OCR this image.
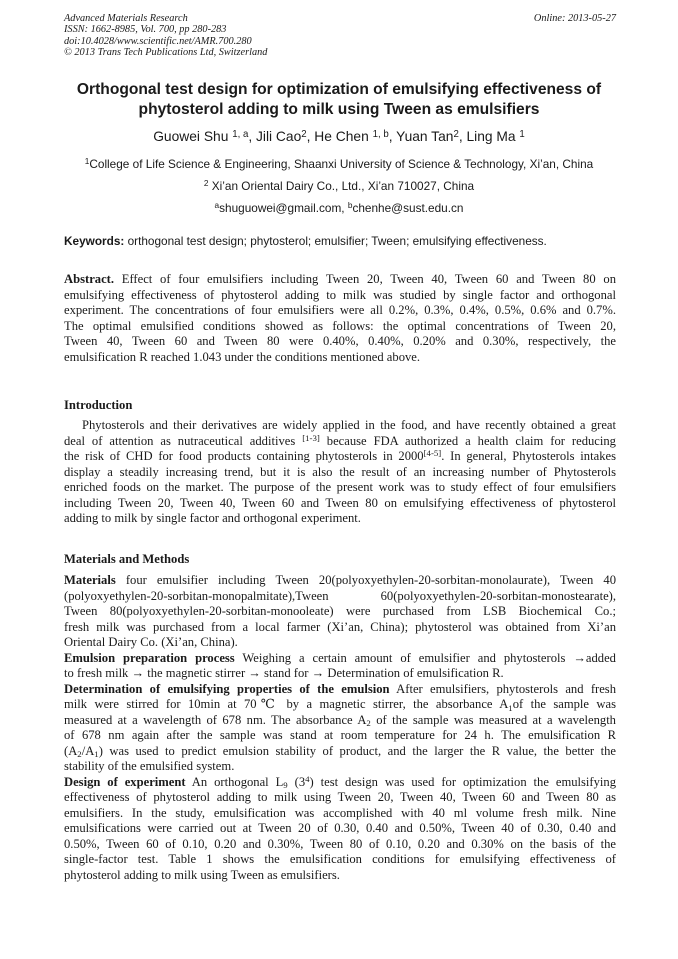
Advanced Materials Research
ISSN: 1662-8985, Vol. 700, pp 280-283
doi:10.4028/www.scientific.net/AMR.700.280
© 2013 Trans Tech Publications Ltd, Switzerland
Online: 2013-05-27
Orthogonal test design for optimization of emulsifying effectiveness of
phytosterol adding to milk using Tween as emulsifiers
Guowei Shu $^{1, a}$, Jili Cao$^2$, He Chen $^{1, b}$, Yuan Tan$^2$, Ling Ma $^1$
$^1$College of Life Science & Engineering, Shaanxi University of Science & Technology, Xi’an, China
$^2$ Xi’an Oriental Dairy Co., Ltd., Xi’an 710027, China
$^a$shuguowei@gmail.com, $^b$chenhe@sust.edu.cn
Keywords: orthogonal test design; phytosterol; emulsifier; Tween; emulsifying effectiveness.
Abstract. Effect of four emulsifiers including Tween 20, Tween 40, Tween 60 and Tween 80 on
emulsifying effectiveness of phytosterol adding to milk was studied by single factor and orthogonal
experiment. The concentrations of four emulsifiers were all 0.2%, 0.3%, 0.4%, 0.5%, 0.6% and 0.7%.
The optimal emulsified conditions showed as follows: the optimal concentrations of Tween 20,
Tween 40, Tween 60 and Tween 80 were 0.40%, 0.40%, 0.20% and 0.30%, respectively, the
emulsification R reached 1.043 under the conditions mentioned above.
Introduction
Phytosterols and their derivatives are widely applied in the food, and have recently obtained a great
deal of attention as nutraceutical additives [1-3] because FDA authorized a health claim for reducing
the risk of CHD for food products containing phytosterols in 2000[4-5]. In general, Phytosterols intakes
display a steadily increasing trend, but it is also the result of an increasing number of Phytosterols
enriched foods on the market. The purpose of the present work was to study effect of four emulsifiers
including Tween 20, Tween 40, Tween 60 and Tween 80 on emulsifying effectiveness of phytosterol
adding to milk by single factor and orthogonal experiment.
Materials and Methods
Materials four emulsifier including Tween 20(polyoxyethylen-20-sorbitan-monolaurate), Tween 40
(polyoxyethylen-20-sorbitan-monopalmitate),Tween 60(polyoxyethylen-20-sorbitan-monostearate),
Tween 80(polyoxyethylen-20-sorbitan-monooleate) were purchased from LSB Biochemical Co.;
fresh milk was purchased from a local farmer (Xi’an, China); phytosterol was obtained from Xi’an
Oriental Dairy Co. (Xi’an, China).
Emulsion preparation process Weighing a certain amount of emulsifier and phytosterols →added
to fresh milk → the magnetic stirrer → stand for → Determination of emulsification R.
Determination of emulsifying properties of the emulsion After emulsifiers, phytosterols and fresh
milk were stirred for 10min at 70℃ by a magnetic stirrer, the absorbance $A_1of$ the sample was
measured at a wavelength of 678 nm. The absorbance $A_2$ of the sample was measured at a wavelength
of 678 nm again after the sample was stand at room temperature for 24 h. The emulsification R
$(A_2/A_1)$ was used to predict emulsion stability of product, and the larger the R value, the better the
stability of the emulsified system.
Design of experiment An orthogonal $L_9$ $(3^4)$ test design was used for optimization the emulsifying
effectiveness of phytosterol adding to milk using Tween 20, Tween 40, Tween 60 and Tween 80 as
emulsifiers. In the study, emulsification was accomplished with 40 ml volume fresh milk. Nine
emulsifications were carried out at Tween 20 of 0.30, 0.40 and 0.50%, Tween 40 of 0.30, 0.40 and
0.50%, Tween 60 of 0.10, 0.20 and 0.30%, Tween 80 of 0.10, 0.20 and 0.30% on the basis of the
single-factor test. Table 1 shows the emulsification conditions for emulsifying effectiveness of
phytosterol adding to milk using Tween as emulsifiers.
